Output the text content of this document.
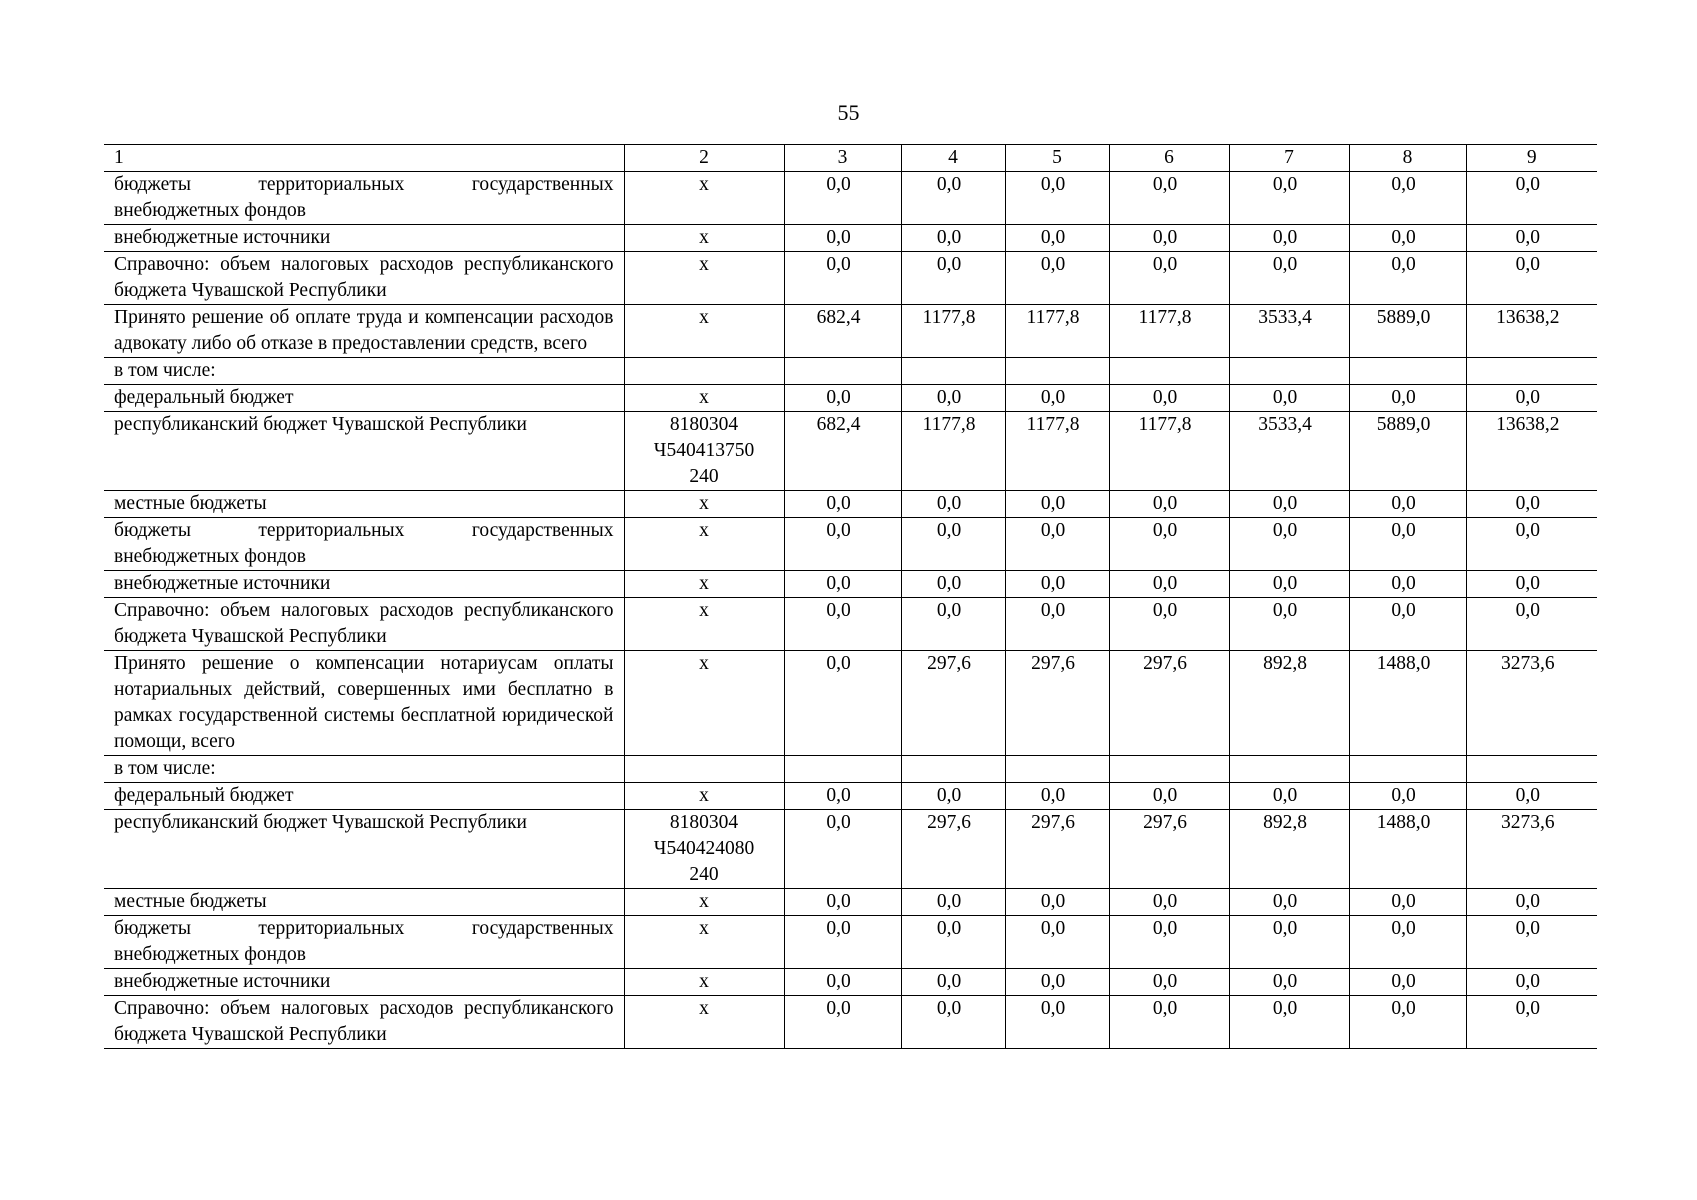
55
1	2	3	4	5	6	7	8	9
бюджеты территориальных государственных внебюджетных фондов	x	0,0	0,0	0,0	0,0	0,0	0,0	0,0
внебюджетные источники	x	0,0	0,0	0,0	0,0	0,0	0,0	0,0
Справочно: объем налоговых расходов республиканского бюджета Чувашской Республики	x	0,0	0,0	0,0	0,0	0,0	0,0	0,0
Принято решение об оплате труда и компенсации расходов адвокату либо об отказе в предоставлении средств, всего	x	682,4	1177,8	1177,8	1177,8	3533,4	5889,0	13638,2
в том числе:								
федеральный бюджет	x	0,0	0,0	0,0	0,0	0,0	0,0	0,0
республиканский бюджет Чувашской Республики	8180304
Ч540413750
240	682,4	1177,8	1177,8	1177,8	3533,4	5889,0	13638,2
местные бюджеты	x	0,0	0,0	0,0	0,0	0,0	0,0	0,0
бюджеты территориальных государственных внебюджетных фондов	x	0,0	0,0	0,0	0,0	0,0	0,0	0,0
внебюджетные источники	x	0,0	0,0	0,0	0,0	0,0	0,0	0,0
Справочно: объем налоговых расходов республиканского бюджета Чувашской Республики	x	0,0	0,0	0,0	0,0	0,0	0,0	0,0
Принято решение о компенсации нотариусам оплаты нотариальных действий, совершенных ими бесплатно в рамках государственной системы бесплатной юридической помощи, всего	x	0,0	297,6	297,6	297,6	892,8	1488,0	3273,6
в том числе:								
федеральный бюджет	x	0,0	0,0	0,0	0,0	0,0	0,0	0,0
республиканский бюджет Чувашской Республики	8180304
Ч540424080
240	0,0	297,6	297,6	297,6	892,8	1488,0	3273,6
местные бюджеты	x	0,0	0,0	0,0	0,0	0,0	0,0	0,0
бюджеты территориальных государственных внебюджетных фондов	x	0,0	0,0	0,0	0,0	0,0	0,0	0,0
внебюджетные источники	x	0,0	0,0	0,0	0,0	0,0	0,0	0,0
Справочно: объем налоговых расходов республиканского бюджета Чувашской Республики	x	0,0	0,0	0,0	0,0	0,0	0,0	0,0
